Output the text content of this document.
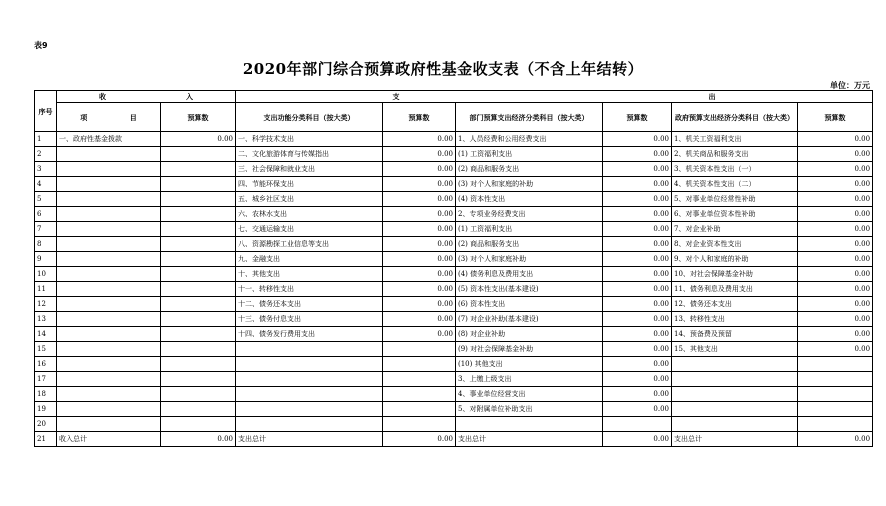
表9
2020年部门综合预算政府性基金收支表（不含上年结转）
单位：万元
序号	收 入		支 出					

	项 目	预算数	支出功能分类科目（按大类）	预算数	部门预算支出经济分类科目（按大类）	预算数	政府预算支出经济分类科目（按大类）	预算数
1	一、政府性基金拨款	0.00	一、科学技术支出	0.00	1、人员经费和公用经费支出	0.00	1、机关工资福利支出	0.00
2			二、文化旅游体育与传媒指出	0.00	(1) 工资福利支出	0.00	2、机关商品和服务支出	0.00
3			三、社会保障和就业支出	0.00	(2) 商品和服务支出	0.00	3、机关资本性支出（一）	0.00
4			四、节能环保支出	0.00	(3) 对个人和家庭的补助	0.00	4、机关资本性支出（二）	0.00
5			五、城乡社区支出	0.00	(4) 资本性支出	0.00	5、对事业单位经常性补助	0.00
6			六、农林水支出	0.00	2、专项业务经费支出	0.00	6、对事业单位资本性补助	0.00
7			七、交通运输支出	0.00	(1) 工资福利支出	0.00	7、对企业补助	0.00
8			八、资源勘探工业信息等支出	0.00	(2) 商品和服务支出	0.00	8、对企业资本性支出	0.00
9			九、金融支出	0.00	(3) 对个人和家庭补助	0.00	9、对个人和家庭的补助	0.00
10			十、其他支出	0.00	(4) 债务利息及费用支出	0.00	10、对社会保障基金补助	0.00
11			十一、转移性支出	0.00	(5) 资本性支出(基本建设)	0.00	11、债务利息及费用支出	0.00
12			十二、债务还本支出	0.00	(6) 资本性支出	0.00	12、债务还本支出	0.00
13			十三、债务付息支出	0.00	(7) 对企业补助(基本建设)	0.00	13、转移性支出	0.00
14			十四、债务发行费用支出	0.00	(8) 对企业补助	0.00	14、预备费及预留	0.00
15					(9) 对社会保障基金补助	0.00	15、其他支出	0.00
16					(10) 其他支出	0.00		
17					3、上缴上级支出	0.00		
18					4、事业单位经营支出	0.00		
19					5、对附属单位补助支出	0.00		
20								
21	收入总计	0.00	支出总计	0.00	支出总计	0.00	支出总计	0.00
